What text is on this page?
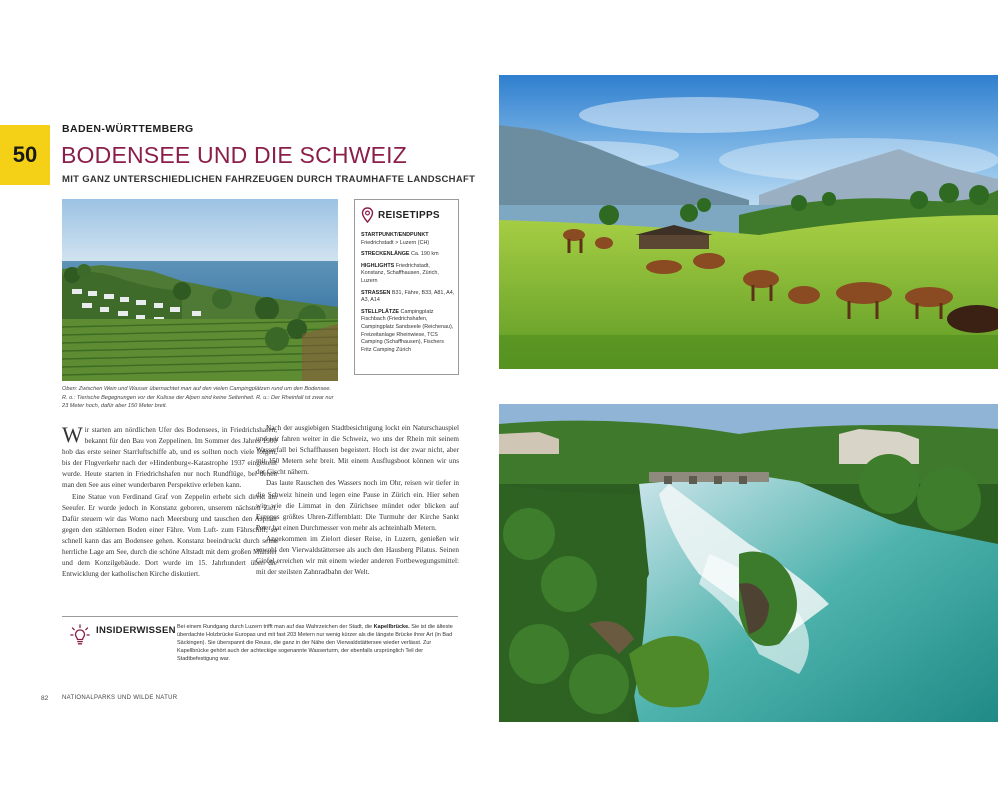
50
BADEN-WÜRTTEMBERG
BODENSEE UND DIE SCHWEIZ
MIT GANZ UNTERSCHIEDLICHEN FAHRZEUGEN DURCH TRAUMHAFTE LANDSCHAFT
Oben: Zwischen Wein und Wasser übernachtet man auf den vielen Campingplätzen rund um den Bodensee. R. o.: Tierische Begegnungen vor der Kulisse der Alpen sind keine Seltenheit. R. u.: Der Rheinfall ist zwar nur 23 Meter hoch, dafür aber 150 Meter breit.
REISETIPPS

STARTPUNKT/ENDPUNKT Friedrichstadt > Luzern (CH)

STRECKENLÄNGE Ca. 190 km

HIGHLIGHTS Friedrichstadt, Konstanz, Schaffhausen, Zürich, Luzern

STRASSEN B31, Fähre, B33, A81, A4, A3, A14

STELLPLÄTZE Campingplatz Fischbach (Friedrichshafen, Campingplatz Sandseele (Reichenau), Freizeitanlage Rheinwiese, TCS Camping (Schaffhausen), Fischers Fritz Camping Zürich

Wir starten am nördlichen Ufer des Bodensees, in Friedrichshafen, bekannt für den Bau von Zeppelinen. Im Sommer des Jahres 1900 hob das erste seiner Starrluftschiffe ab, und es sollten noch viele folgen, bis der Flugverkehr nach der »Hindenburg«-Katastrophe 1937 eingestellt wurde. Heute starten in Friedrichshafen nur noch Rundflüge, bei denen man den See aus einer wunderbaren Perspektive erleben kann.

Eine Statue von Ferdinand Graf von Zeppelin erhebt sich direkt am Seeufer. Er wurde jedoch in Konstanz geboren, unserem nächsten Ziel. Dafür steuern wir das Womo nach Meersburg und tauschen den Asphalt gegen den stählernen Boden einer Fähre. Vom Luft- zum Fährschiff, so schnell kann das am Bodensee gehen. Konstanz beeindruckt durch seine herrliche Lage am See, durch die schöne Altstadt mit dem großen Münster und dem Konzilgebäude. Dort wurde im 15. Jahrhundert über die Entwicklung der katholischen Kirche diskutiert.

Nach der ausgiebigen Stadtbesichtigung lockt ein Naturschauspiel und wir fahren weiter in die Schweiz, wo uns der Rhein mit seinem Wasserfall bei Schaffhausen begeistert. Hoch ist der zwar nicht, aber mit 150 Metern sehr breit. Mit einem Ausflugsboot können wir uns der Gischt nähern.

Das laute Rauschen des Wassers noch im Ohr, reisen wir tiefer in die Schweiz hinein und legen eine Pause in Zürich ein. Hier sehen wir, wie die Limmat in den Zürichsee mündet oder blicken auf Europas größtes Uhren-Ziffernblatt: Die Turmuhr der Kirche Sankt Peter hat einen Durchmesser von mehr als achteinhalb Metern.

Angekommen im Zielort dieser Reise, in Luzern, genießen wir sowohl den Vierwaldstättersee als auch den Hausberg Pilatus. Seinen Gipfel erreichen wir mit einem wieder anderen Fortbewegungsmittel: mit der steilsten Zahnradbahn der Welt.

INSIDERWISSEN Bei einem Rundgang durch Luzern trifft man auf das Wahrzeichen der Stadt, die Kapellbrücke. Sie ist die älteste überdachte Holzbrücke Europas und mit fast 203 Metern nur wenig kürzer als die längste Brücke ihrer Art (in Bad Säckingen). Sie überspannt die Reuss, die ganz in der Nähe den Vierwaldstättersee wieder verlässt. Zur Kapellbrücke gehört auch der achteckige sogenannte Wasserturm, der ebenfalls ursprünglich Teil der Stadtbefestigung war.
82 NATIONALPARKS UND WILDE NATUR
